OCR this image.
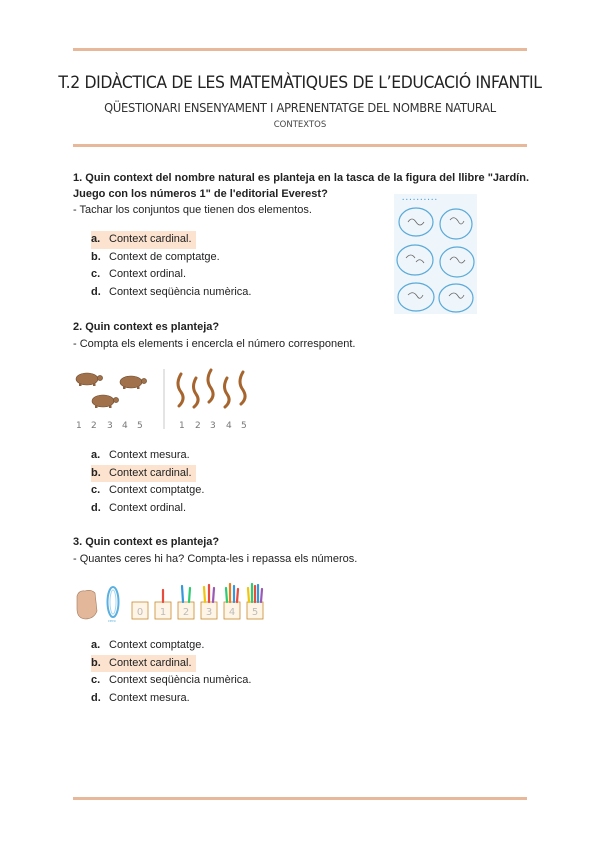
T.2 DIDÀCTICA DE LES MATEMÀTIQUES DE L’EDUCACIÓ INFANTIL
QÜESTIONARI ENSENYAMENT I APRENENTATGE DEL NOMBRE NATURAL
CONTEXTOS
1. Quin context del nombre natural es planteja en la tasca de la figura del llibre "Jardín. Juego con los números 1" de l'editorial Everest?
- Tachar los conjuntos que tienen dos elementos.
• • • • • • • • • •
a. Context cardinal.
b. Context de comptatge.
c. Context ordinal.
d. Context seqüència numèrica.
2. Quin context es planteja?
- Compta els elements i encercla el número corresponent.
1 2 3 4 5	1 2 3 4 5
a. Context mesura.
b. Context cardinal.
c. Context comptatge.
d. Context ordinal.
3. Quin context es planteja?
- Quantes ceres hi ha? Compta-les i repassa els números.
cero
0 1 2 3 4 5
a. Context comptatge.
b. Context cardinal.
c. Context seqüència numèrica.
d. Context mesura.
